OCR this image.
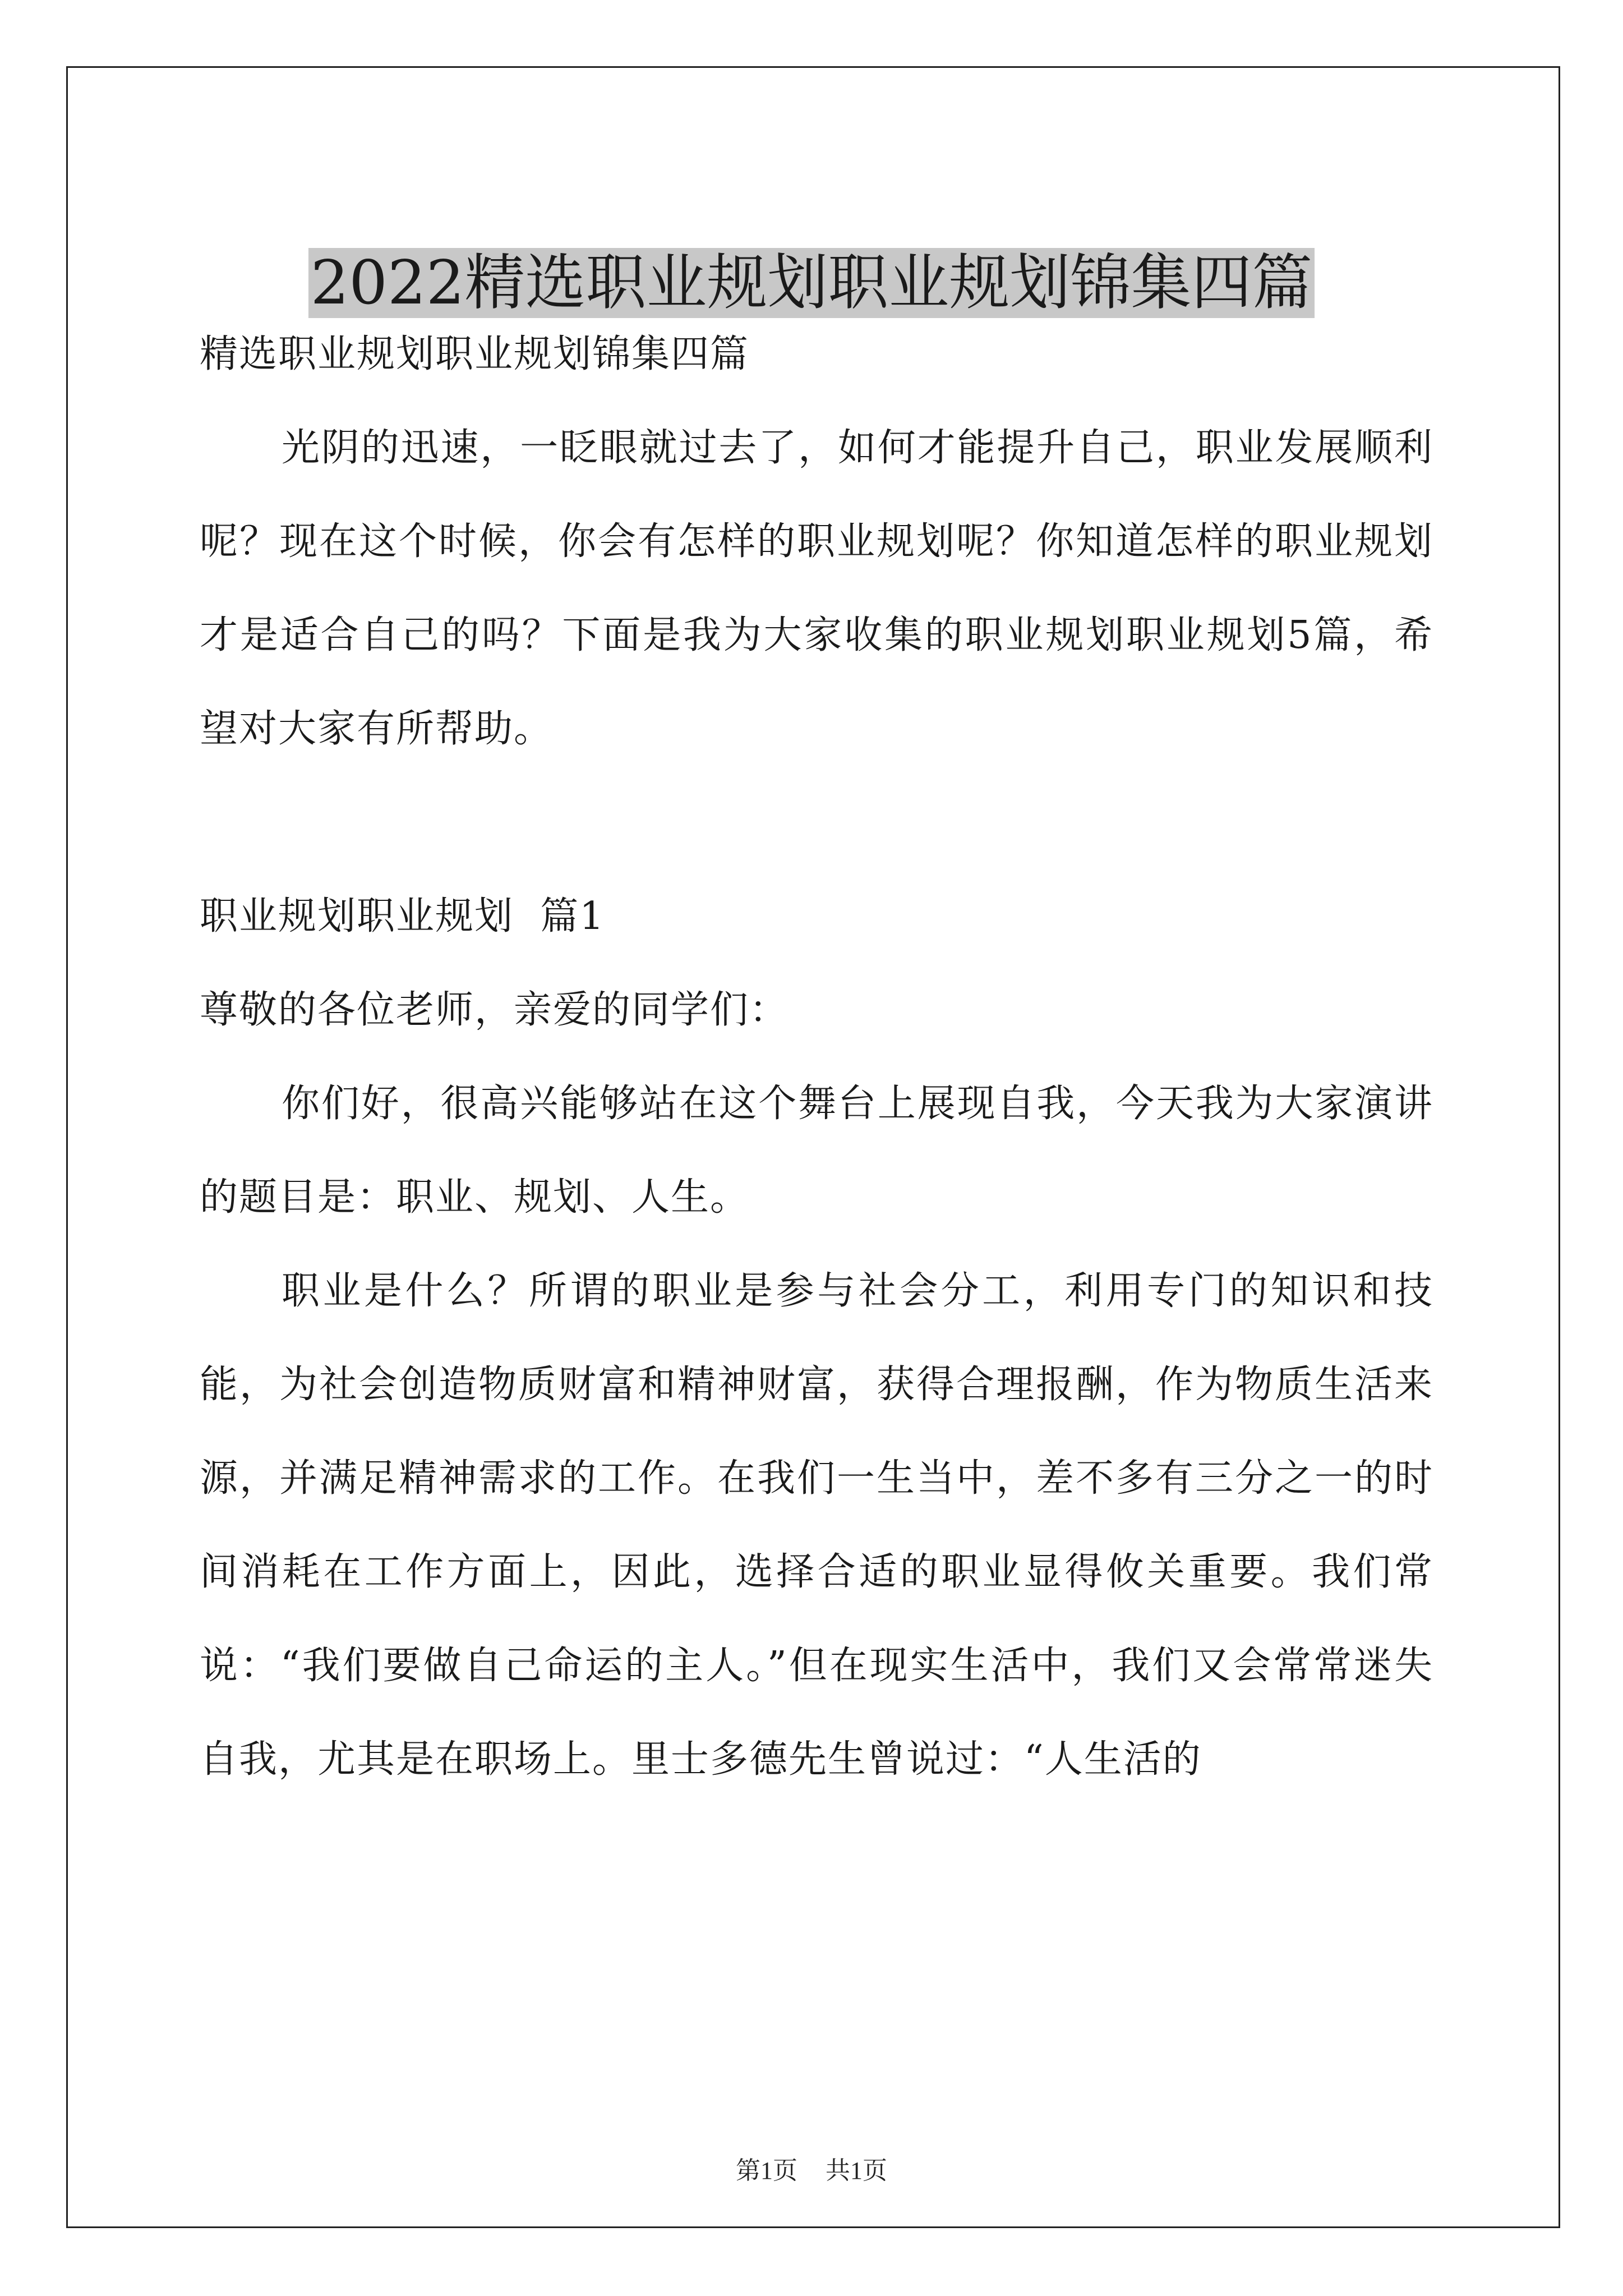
2022精选职业规划职业规划锦集四篇

精选职业规划职业规划锦集四篇

光阴的迅速，一眨眼就过去了，如何才能提升自己，职业发展顺利呢？现在这个时候，你会有怎样的职业规划呢？你知道怎样的职业规划才是适合自己的吗？下面是我为大家收集的职业规划职业规划5篇，希望对大家有所帮助。

职业规划职业规划  篇1

尊敬的各位老师，亲爱的同学们：

你们好，很高兴能够站在这个舞台上展现自我，今天我为大家演讲的题目是：职业、规划、人生。

职业是什么？所谓的职业是参与社会分工，利用专门的知识和技能，为社会创造物质财富和精神财富，获得合理报酬，作为物质生活来源，并满足精神需求的工作。在我们一生当中，差不多有三分之一的时间消耗在工作方面上，因此，选择合适的职业显得攸关重要。我们常说：“我们要做自己命运的主人。”但在现实生活中，我们又会常常迷失自我，尤其是在职场上。里士多德先生曾说过：“人生活的

第1页 共1页
